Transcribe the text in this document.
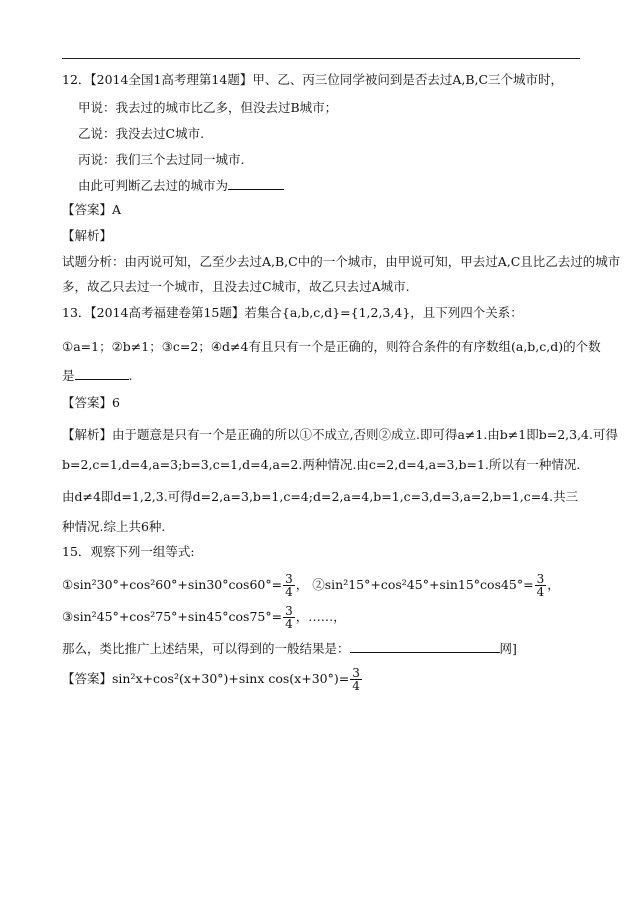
12．【2014全国1高考理第14题】甲、乙、丙三位同学被问到是否去过A,B,C三个城市时，
甲说：我去过的城市比乙多，但没去过B城市；
乙说：我没去过C城市.
丙说：我们三个去过同一城市.
由此可判断乙去过的城市为
【答案】A
【解析】
试题分析：由丙说可知，乙至少去过A,B,C中的一个城市，由甲说可知，甲去过A,C且比乙去过的城市
多，故乙只去过一个城市，且没去过C城市，故乙只去过A城市.
13．【2014高考福建卷第15题】若集合{a,b,c,d}={1,2,3,4}，且下列四个关系：
①a=1；②b≠1；③c=2；④d≠4有且只有一个是正确的，则符合条件的有序数组(a,b,c,d)的个数
是	.
【答案】6
【解析】由于题意是只有一个是正确的所以①不成立,否则②成立.即可得a≠1.由b≠1即b=2,3,4.可得
b=2,c=1,d=4,a=3;b=3,c=1,d=4,a=2.两种情况.由c=2,d=4,a=3,b=1.所以有一种情况.
由d≠4即d=1,2,3.可得d=2,a=3,b=1,c=4;d=2,a=4,b=1,c=3,d=3,a=2,b=1,c=4.共三
种情况.综上共6种.
15．观察下列一组等式:
①sin²30°+cos²60°+sin30°cos60°= $\frac{3}{4}$ ， ②sin²15°+cos²45°+sin15°cos45°= $\frac{3}{4}$ ，
③sin²45°+cos²75°+sin45°cos75°= $\frac{3}{4}$ ，……，
那么，类比推广上述结果，可以得到的一般结果是：	网]
【答案】sin²x+cos²(x+30°)+sinx $\cos(x+30^\circ)= \frac{3}{4}$
